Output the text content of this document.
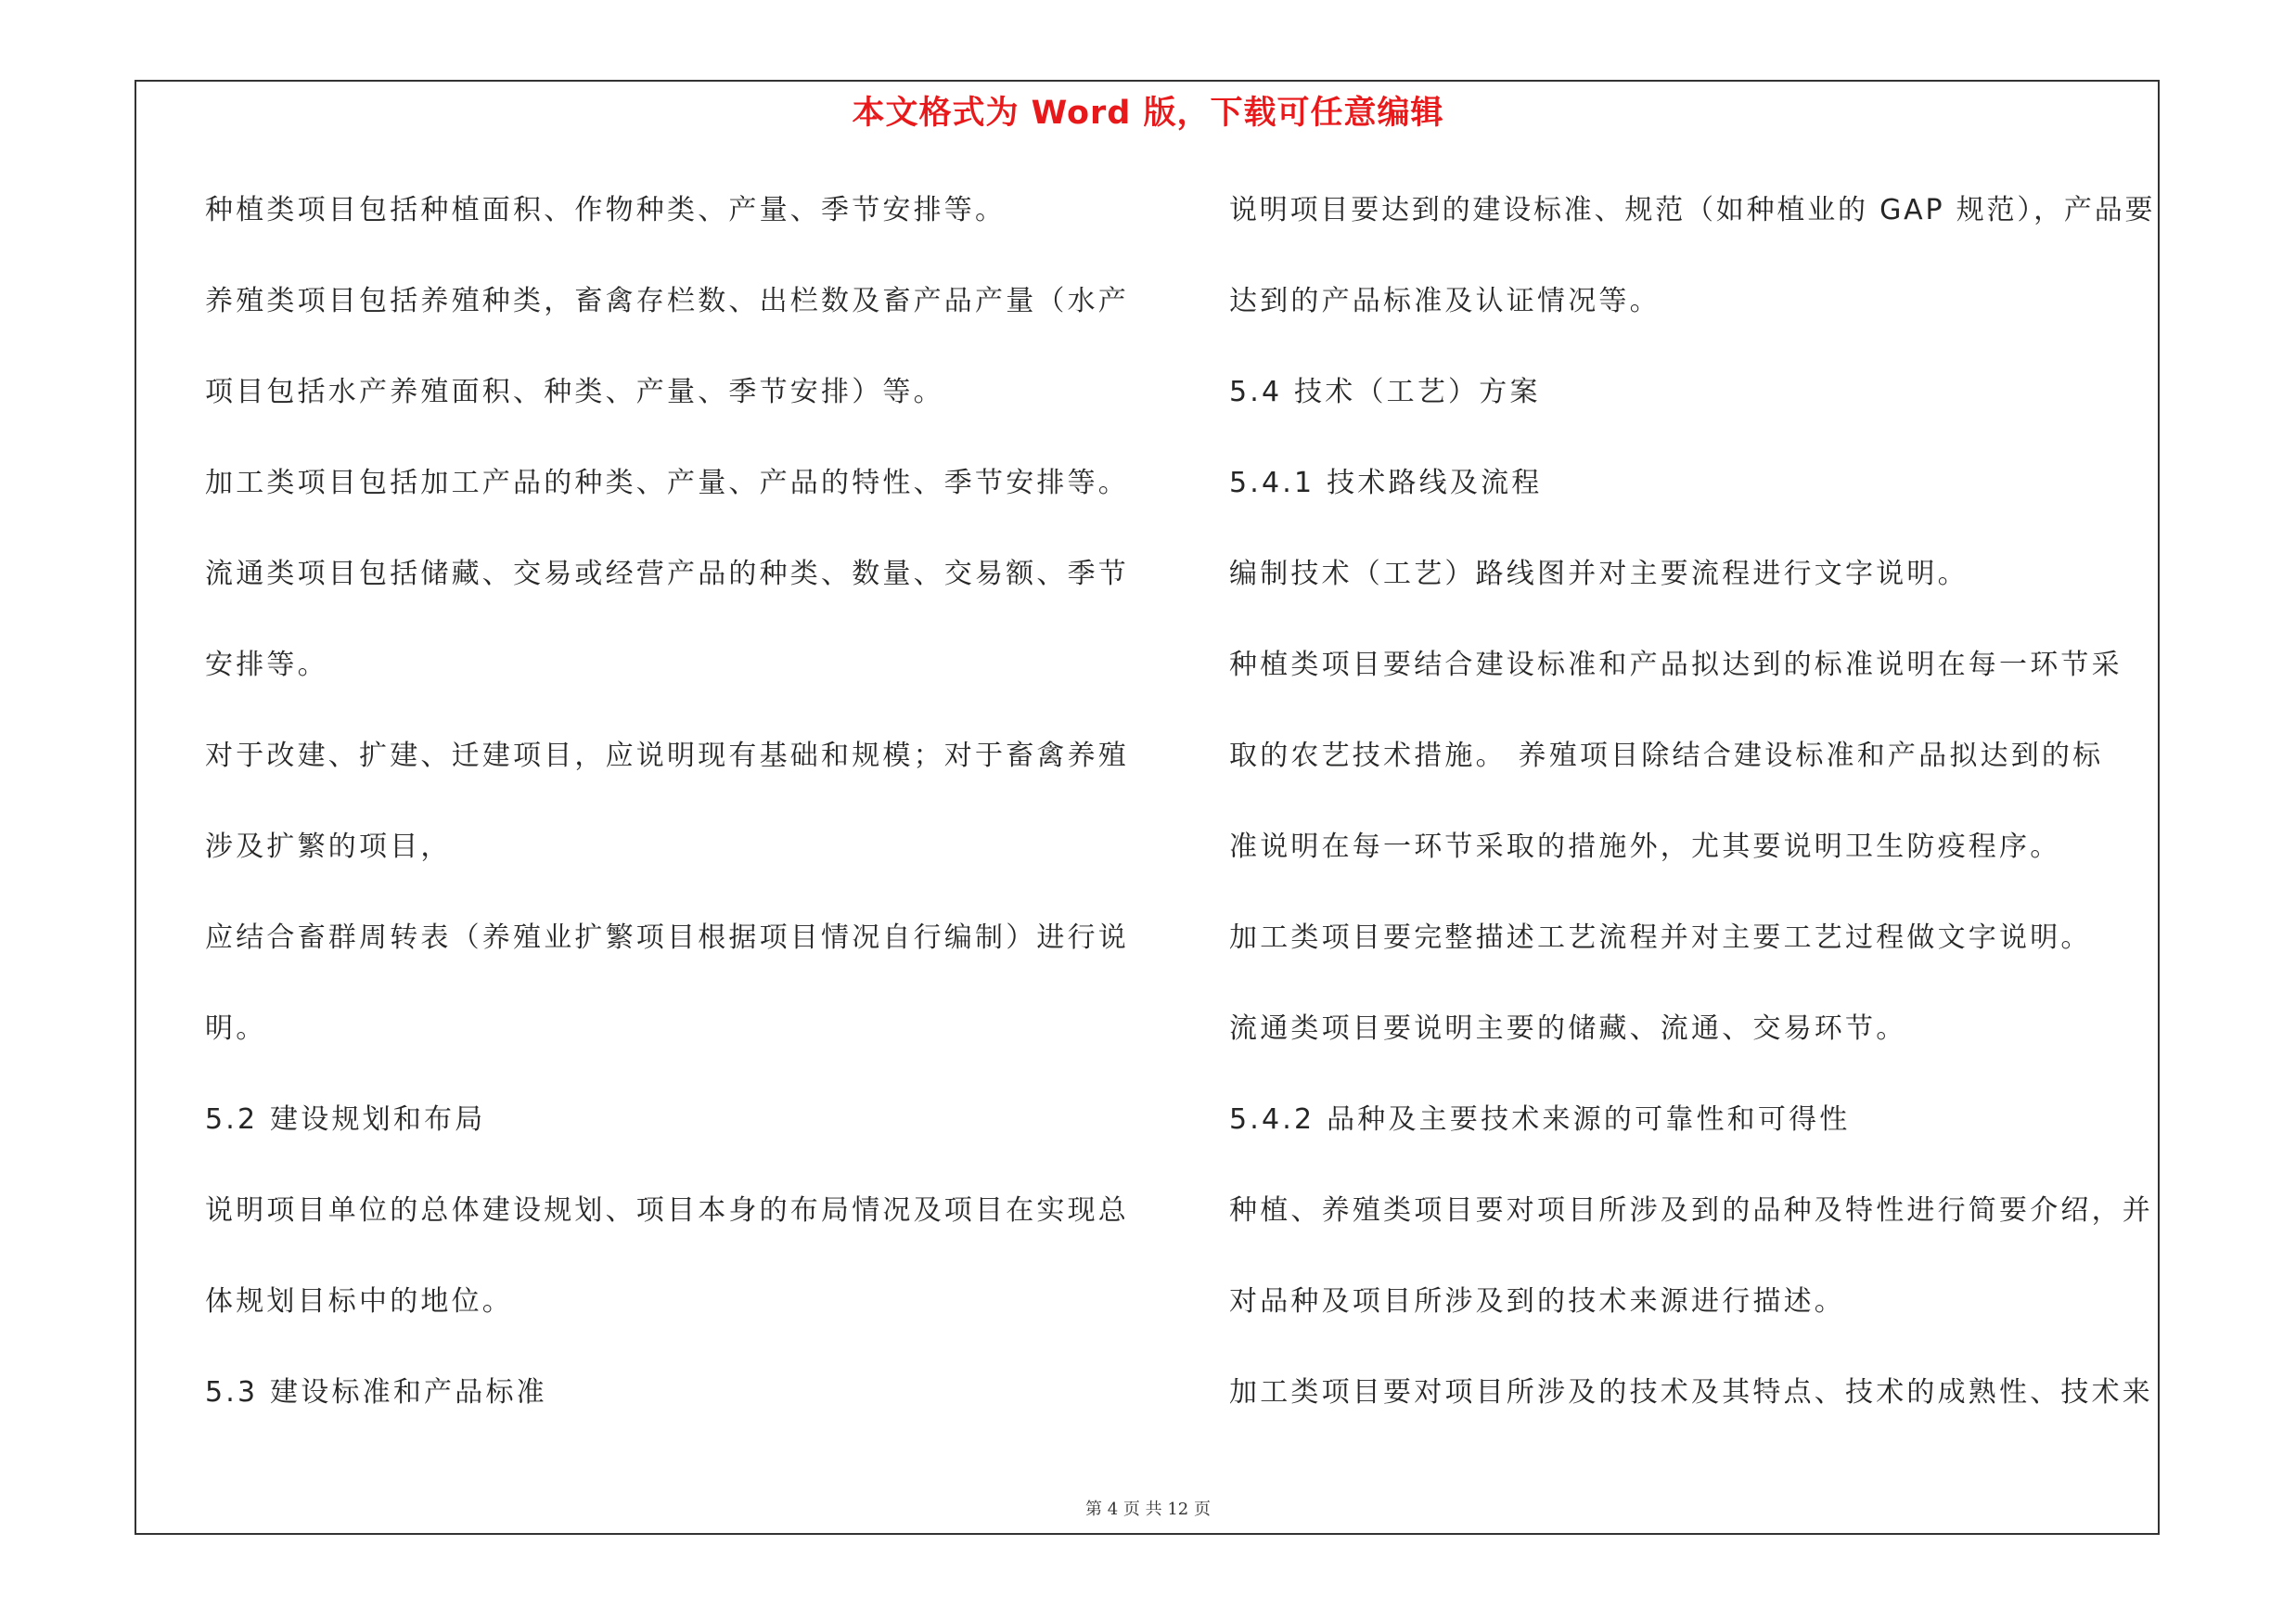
本文格式为 Word 版，下载可任意编辑
种植类项目包括种植面积、作物种类、产量、季节安排等。
养殖类项目包括养殖种类，畜禽存栏数、出栏数及畜产品产量（水产
项目包括水产养殖面积、种类、产量、季节安排）等。
加工类项目包括加工产品的种类、产量、产品的特性、季节安排等。
流通类项目包括储藏、交易或经营产品的种类、数量、交易额、季节
安排等。
对于改建、扩建、迁建项目，应说明现有基础和规模；对于畜禽养殖
涉及扩繁的项目，
应结合畜群周转表（养殖业扩繁项目根据项目情况自行编制）进行说
明。
5.2 建设规划和布局
说明项目单位的总体建设规划、项目本身的布局情况及项目在实现总
体规划目标中的地位。
5.3 建设标准和产品标准
说明项目要达到的建设标准、规范（如种植业的 GAP 规范），产品要
达到的产品标准及认证情况等。
5.4 技术（工艺）方案
5.4.1 技术路线及流程
编制技术（工艺）路线图并对主要流程进行文字说明。
种植类项目要结合建设标准和产品拟达到的标准说明在每一环节采
取的农艺技术措施。 养殖项目除结合建设标准和产品拟达到的标
准说明在每一环节采取的措施外，尤其要说明卫生防疫程序。
加工类项目要完整描述工艺流程并对主要工艺过程做文字说明。
流通类项目要说明主要的储藏、流通、交易环节。
5.4.2 品种及主要技术来源的可靠性和可得性
种植、养殖类项目要对项目所涉及到的品种及特性进行简要介绍，并
对品种及项目所涉及到的技术来源进行描述。
加工类项目要对项目所涉及的技术及其特点、技术的成熟性、技术来
第 4 页 共 12 页
